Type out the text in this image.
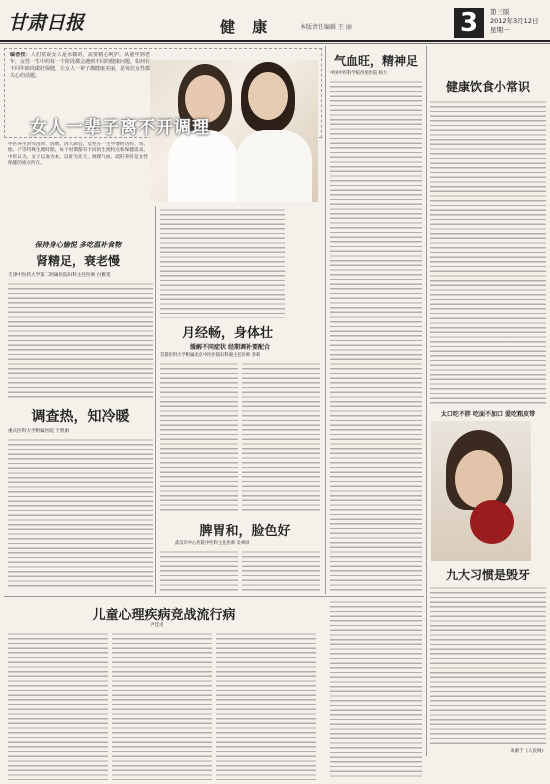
甘肃日报	健 康	本版责任编辑 王 丽	3	第三版
2012年3月12日
星期一
编者按：人们常说女人是水做的，需要精心呵护。从童年到老年，女性一生中的每一个阶段都会遇到不同的健康问题。如何在不同年龄段做好保健，让女人一辈子都健康美丽，是每位女性都关心的话题。
女人一辈子离不开调理
中医养生讲究因时、因地、因人制宜，女性在一生中要经历经、带、胎、产等特殊生理时期，每个时期都有不同的生理特点和保健需求。中医认为，女子以血为本，以肝为先天，调理气血、疏肝养肝是女性保健的重点所在。
保持身心愉悦 多吃温补食物
肾精足，衰老慢
天津中医药大学第二附属医院妇科主任医师 白雅雯
调查热，知冷暖
重庆医科大学附属医院 于凯娟
月经畅，身体壮
缓解不同症状 经期调补要配合
首都医科大学附属北京中医医院妇科副主任医师 李莉
脾胃和，脸色好
武汉市中心医院中医科主任医师 吴翠屏
气血旺，精神足
中国中医科学院西苑医院 杨力
健康饮食小常识
太口吃不胖 吃面不加口 爱吃粗皮带
九大习惯是毁牙
来源于《人民网》
儿童心理疾病竞战流行病
尹佳贞
